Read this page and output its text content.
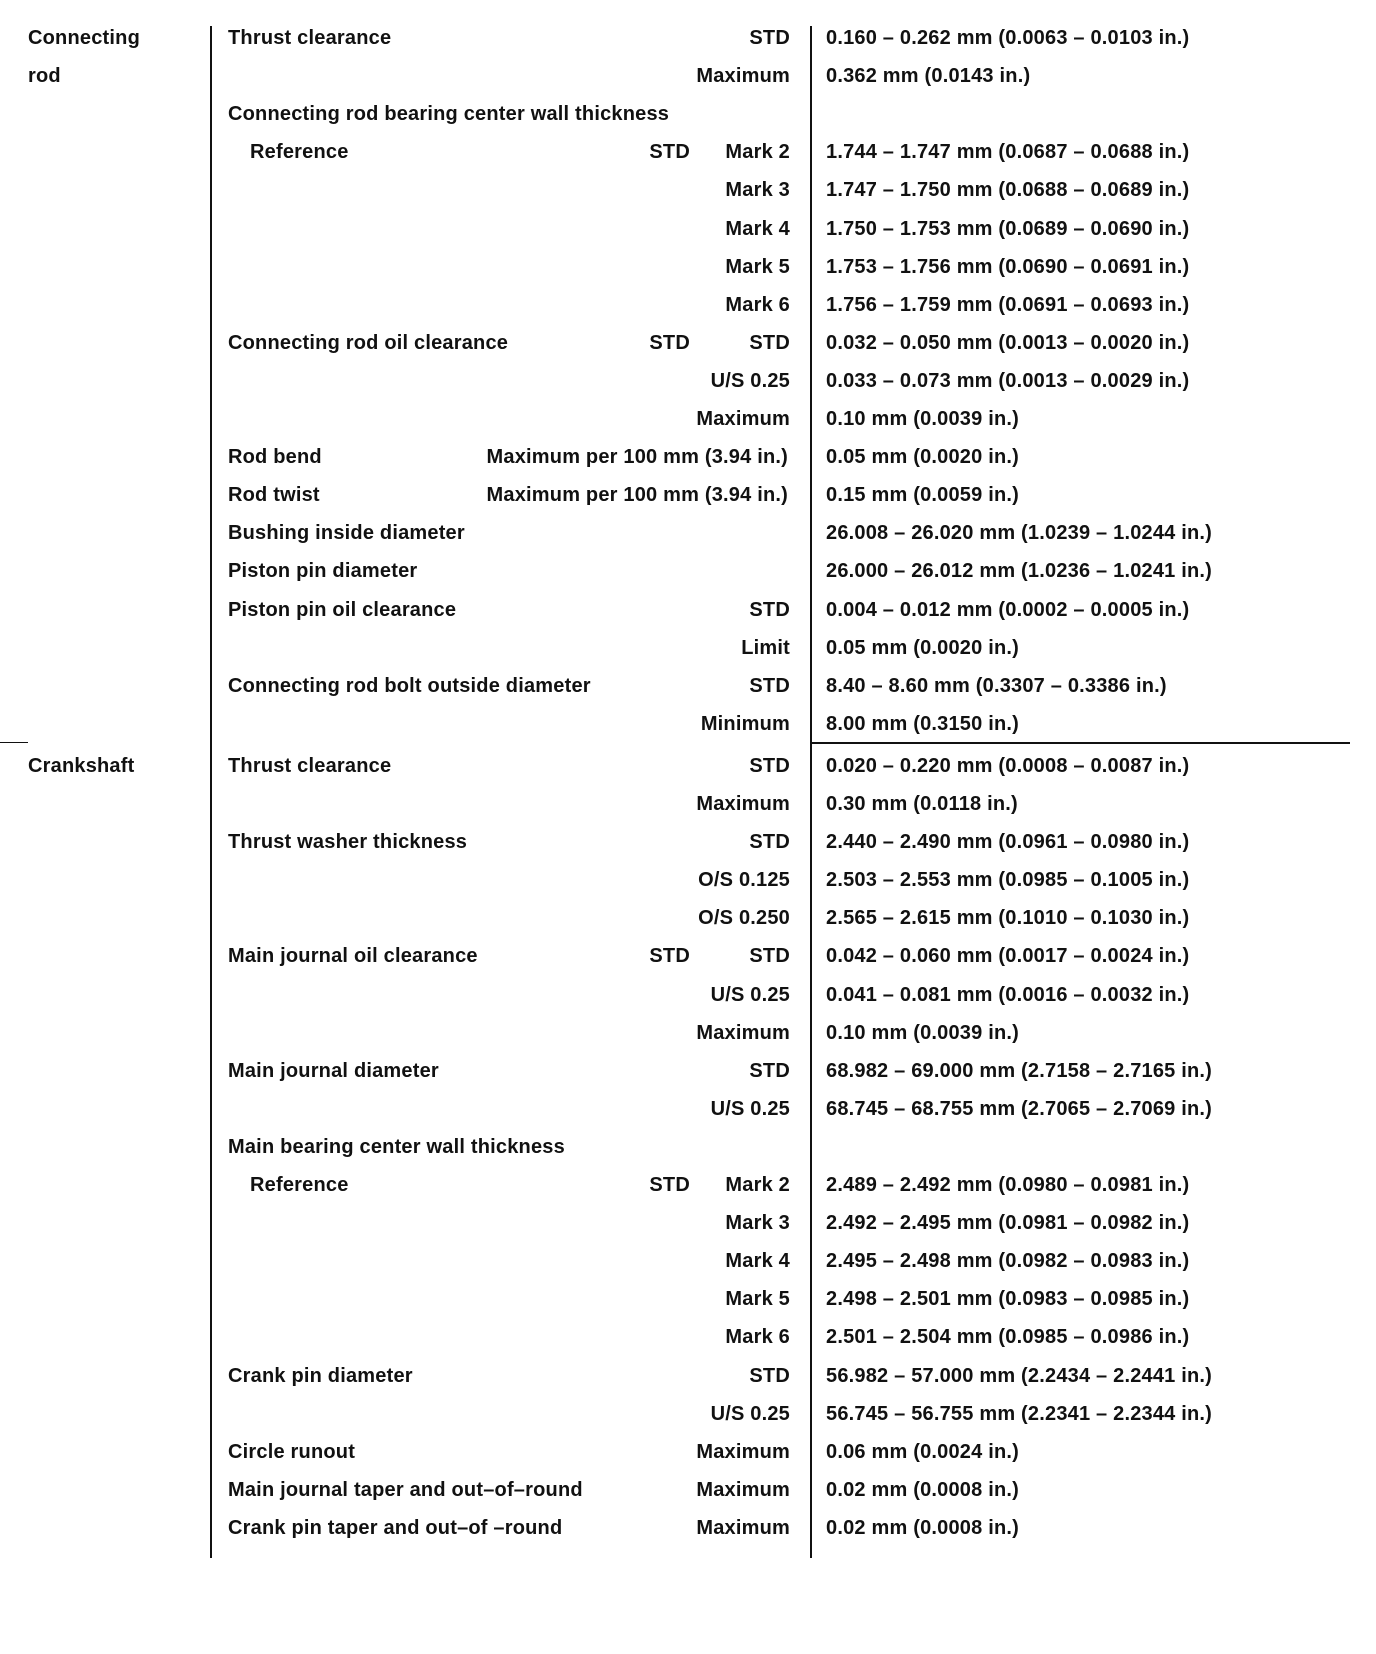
Connecting
rod
Thrust clearance	STD 0.160 – 0.262 mm (0.0063 – 0.0103 in.)
Maximum 0.362 mm (0.0143 in.)
Connecting rod bearing center wall thickness
Reference	STD Mark 2 1.744 – 1.747 mm (0.0687 – 0.0688 in.)
Mark 3 1.747 – 1.750 mm (0.0688 – 0.0689 in.)
Mark 4 1.750 – 1.753 mm (0.0689 – 0.0690 in.)
Mark 5 1.753 – 1.756 mm (0.0690 – 0.0691 in.)
Mark 6 1.756 – 1.759 mm (0.0691 – 0.0693 in.)
Connecting rod oil clearance	STD	STD 0.032 – 0.050 mm (0.0013 – 0.0020 in.)
U/S 0.25 0.033 – 0.073 mm (0.0013 – 0.0029 in.)
Maximum 0.10 mm (0.0039 in.)
Rod bend	Maximum per 100 mm (3.94 in.) 0.05 mm (0.0020 in.)
Rod twist	Maximum per 100 mm (3.94 in.) 0.15 mm (0.0059 in.)
Bushing inside diameter	26.008 – 26.020 mm (1.0239 – 1.0244 in.)
Piston pin diameter	26.000 – 26.012 mm (1.0236 – 1.0241 in.)
Piston pin oil clearance	STD 0.004 – 0.012 mm (0.0002 – 0.0005 in.)
Limit 0.05 mm (0.0020 in.)
Connecting rod bolt outside diameter	STD 8.40 – 8.60 mm (0.3307 – 0.3386 in.)
Minimum 8.00 mm (0.3150 in.)
Crankshaft	Thrust clearance	STD 0.020 – 0.220 mm (0.0008 – 0.0087 in.)
Maximum 0.30 mm (0.0118 in.)
Thrust washer thickness	STD 2.440 – 2.490 mm (0.0961 – 0.0980 in.)
O/S 0.125 2.503 – 2.553 mm (0.0985 – 0.1005 in.)
O/S 0.250 2.565 – 2.615 mm (0.1010 – 0.1030 in.)
Main journal oil clearance	STD	STD 0.042 – 0.060 mm (0.0017 – 0.0024 in.)
U/S 0.25 0.041 – 0.081 mm (0.0016 – 0.0032 in.)
Maximum 0.10 mm (0.0039 in.)
Main journal diameter	STD 68.982 – 69.000 mm (2.7158 – 2.7165 in.)
U/S 0.25 68.745 – 68.755 mm (2.7065 – 2.7069 in.)
Main bearing center wall thickness
Reference	STD Mark 2 2.489 – 2.492 mm (0.0980 – 0.0981 in.)
Mark 3 2.492 – 2.495 mm (0.0981 – 0.0982 in.)
Mark 4 2.495 – 2.498 mm (0.0982 – 0.0983 in.)
Mark 5 2.498 – 2.501 mm (0.0983 – 0.0985 in.)
Mark 6 2.501 – 2.504 mm (0.0985 – 0.0986 in.)
Crank pin diameter	STD 56.982 – 57.000 mm (2.2434 – 2.2441 in.)
U/S 0.25 56.745 – 56.755 mm (2.2341 – 2.2344 in.)
Circle runout	Maximum 0.06 mm (0.0024 in.)
Main journal taper and out–of–round	Maximum 0.02 mm (0.0008 in.)
Crank pin taper and out–of –round	Maximum 0.02 mm (0.0008 in.)
